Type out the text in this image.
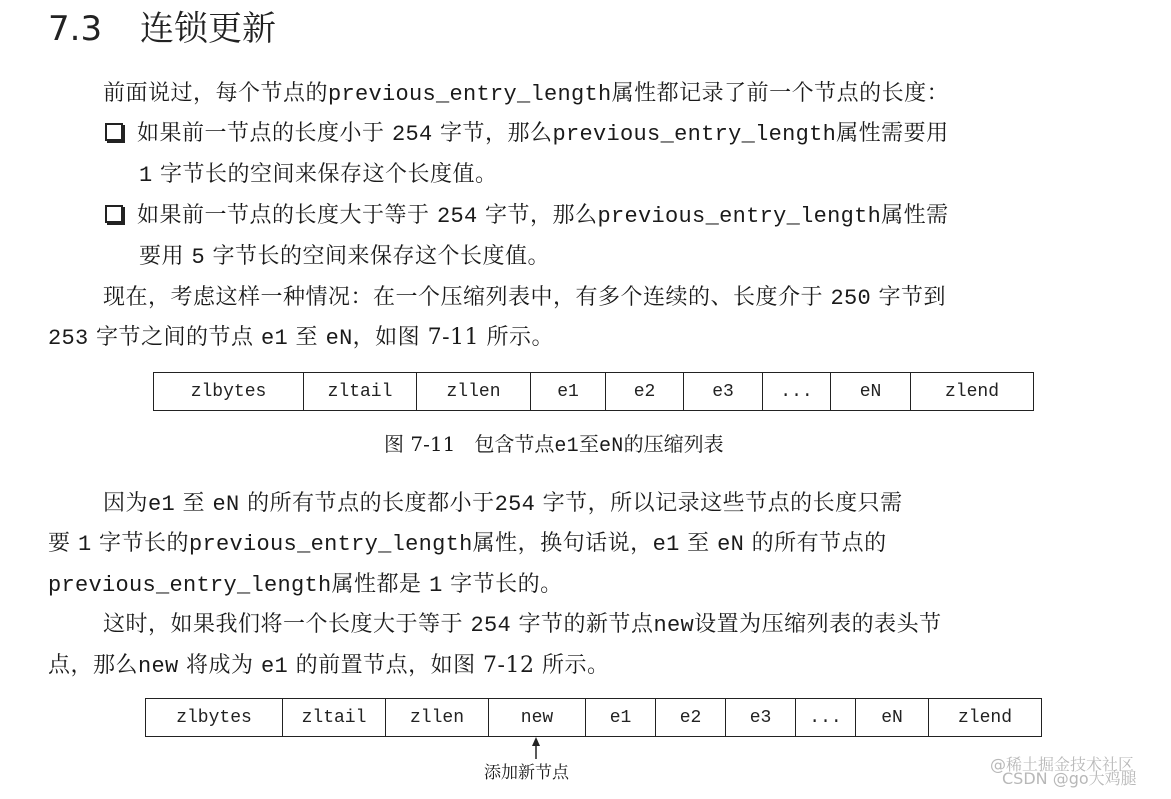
7.3 连锁更新
前面说过，每个节点的previous_entry_length属性都记录了前一个节点的长度：
如果前一节点的长度小于 254 字节，那么previous_entry_length属性需要用
1 字节长的空间来保存这个长度值。
如果前一节点的长度大于等于 254 字节，那么previous_entry_length属性需
要用 5 字节长的空间来保存这个长度值。
现在，考虑这样一种情况：在一个压缩列表中，有多个连续的、长度介于 250 字节到
253 字节之间的节点 e1 至 eN，如图 7-11 所示。
zlbytes	zltail	zllen	e1	e2	e3	...	eN	zlend
图 7-11 包含节点e1至eN的压缩列表
因为e1 至 eN 的所有节点的长度都小于254 字节，所以记录这些节点的长度只需
要 1 字节长的previous_entry_length属性，换句话说，e1 至 eN 的所有节点的
previous_entry_length属性都是 1 字节长的。
这时，如果我们将一个长度大于等于 254 字节的新节点new设置为压缩列表的表头节
点，那么new 将成为 e1 的前置节点，如图 7-12 所示。
zlbytes	zltail	zllen	new	e1	e2	e3	...	eN	zlend
添加新节点	@稀土掘金技术社区
CSDN @go大鸡腿
